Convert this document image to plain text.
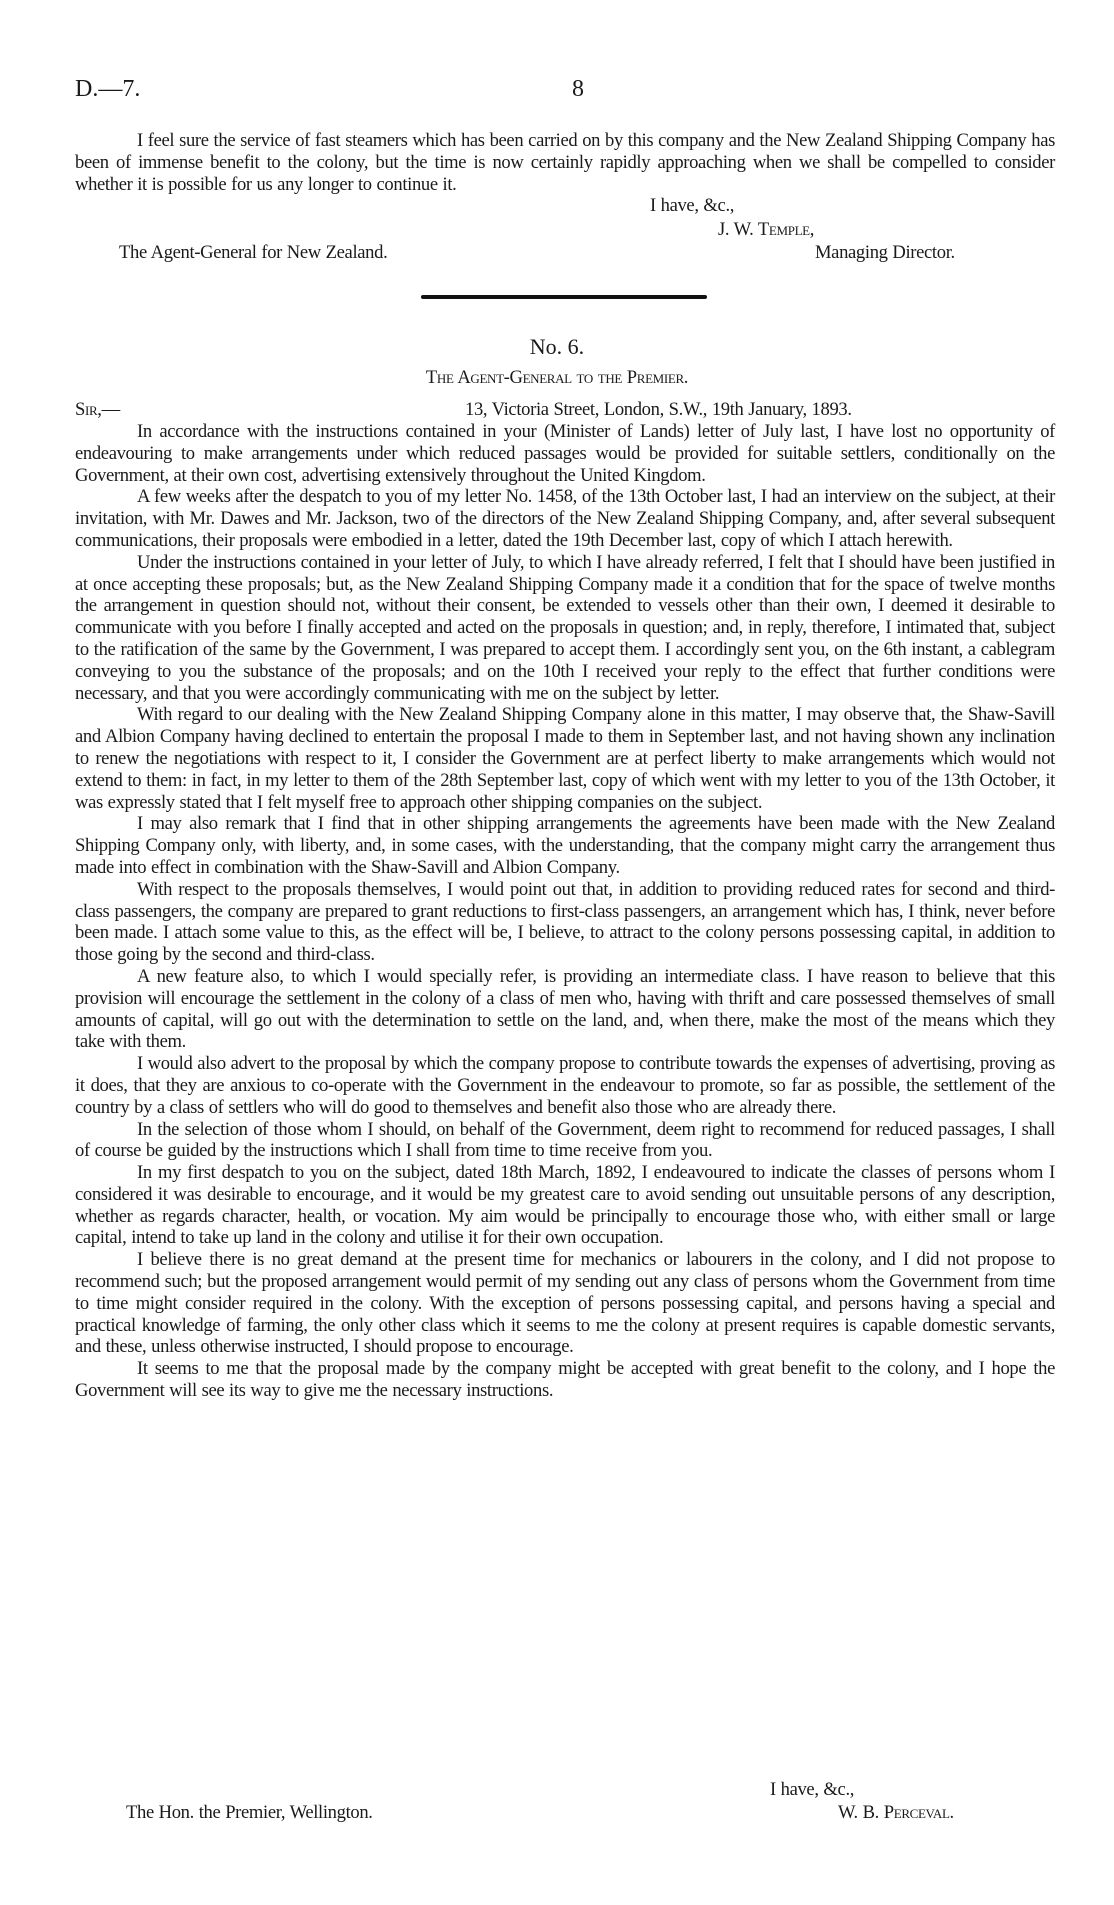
D.—7.	8

I feel sure the service of fast steamers which has been carried on by this company and the New Zealand Shipping Company has been of immense benefit to the colony, but the time is now certainly rapidly approaching when we shall be compelled to consider whether it is possible for us any longer to continue it.

I have, &c.,
J. W. Temple,
The Agent-General for New Zealand.	Managing Director.
No. 6.
The Agent-General to the Premier.
Sir,—	13, Victoria Street, London, S.W., 19th January, 1893.

In accordance with the instructions contained in your (Minister of Lands) letter of July last, I have lost no opportunity of endeavouring to make arrangements under which reduced passages would be provided for suitable settlers, conditionally on the Government, at their own cost, advertising extensively throughout the United Kingdom.

A few weeks after the despatch to you of my letter No. 1458, of the 13th October last, I had an interview on the subject, at their invitation, with Mr. Dawes and Mr. Jackson, two of the directors of the New Zealand Shipping Company, and, after several subsequent communications, their proposals were embodied in a letter, dated the 19th December last, copy of which I attach herewith.

Under the instructions contained in your letter of July, to which I have already referred, I felt that I should have been justified in at once accepting these proposals; but, as the New Zealand Shipping Company made it a condition that for the space of twelve months the arrangement in question should not, without their consent, be extended to vessels other than their own, I deemed it desirable to communicate with you before I finally accepted and acted on the proposals in question; and, in reply, therefore, I intimated that, subject to the ratification of the same by the Government, I was prepared to accept them. I accordingly sent you, on the 6th instant, a cablegram conveying to you the substance of the proposals; and on the 10th I received your reply to the effect that further conditions were necessary, and that you were accordingly communicating with me on the subject by letter.

With regard to our dealing with the New Zealand Shipping Company alone in this matter, I may observe that, the Shaw-Savill and Albion Company having declined to entertain the proposal I made to them in September last, and not having shown any inclination to renew the negotiations with respect to it, I consider the Government are at perfect liberty to make arrangements which would not extend to them: in fact, in my letter to them of the 28th September last, copy of which went with my letter to you of the 13th October, it was expressly stated that I felt myself free to approach other shipping companies on the subject.

I may also remark that I find that in other shipping arrangements the agreements have been made with the New Zealand Shipping Company only, with liberty, and, in some cases, with the understanding, that the company might carry the arrangement thus made into effect in combination with the Shaw-Savill and Albion Company.

With respect to the proposals themselves, I would point out that, in addition to providing reduced rates for second and third-class passengers, the company are prepared to grant reductions to first-class passengers, an arrangement which has, I think, never before been made. I attach some value to this, as the effect will be, I believe, to attract to the colony persons possessing capital, in addition to those going by the second and third-class.

A new feature also, to which I would specially refer, is providing an intermediate class. I have reason to believe that this provision will encourage the settlement in the colony of a class of men who, having with thrift and care possessed themselves of small amounts of capital, will go out with the determination to settle on the land, and, when there, make the most of the means which they take with them.

I would also advert to the proposal by which the company propose to contribute towards the expenses of advertising, proving as it does, that they are anxious to co-operate with the Government in the endeavour to promote, so far as possible, the settlement of the country by a class of settlers who will do good to themselves and benefit also those who are already there.

In the selection of those whom I should, on behalf of the Government, deem right to recommend for reduced passages, I shall of course be guided by the instructions which I shall from time to time receive from you.

In my first despatch to you on the subject, dated 18th March, 1892, I endeavoured to indicate the classes of persons whom I considered it was desirable to encourage, and it would be my greatest care to avoid sending out unsuitable persons of any description, whether as regards character, health, or vocation. My aim would be principally to encourage those who, with either small or large capital, intend to take up land in the colony and utilise it for their own occupation.

I believe there is no great demand at the present time for mechanics or labourers in the colony, and I did not propose to recommend such; but the proposed arrangement would permit of my sending out any class of persons whom the Government from time to time might consider required in the colony. With the exception of persons possessing capital, and persons having a special and practical knowledge of farming, the only other class which it seems to me the colony at present requires is capable domestic servants, and these, unless otherwise instructed, I should propose to encourage.

It seems to me that the proposal made by the company might be accepted with great benefit to the colony, and I hope the Government will see its way to give me the necessary instructions.

I have, &c.,
W. B. Perceval.
The Hon. the Premier, Wellington.
